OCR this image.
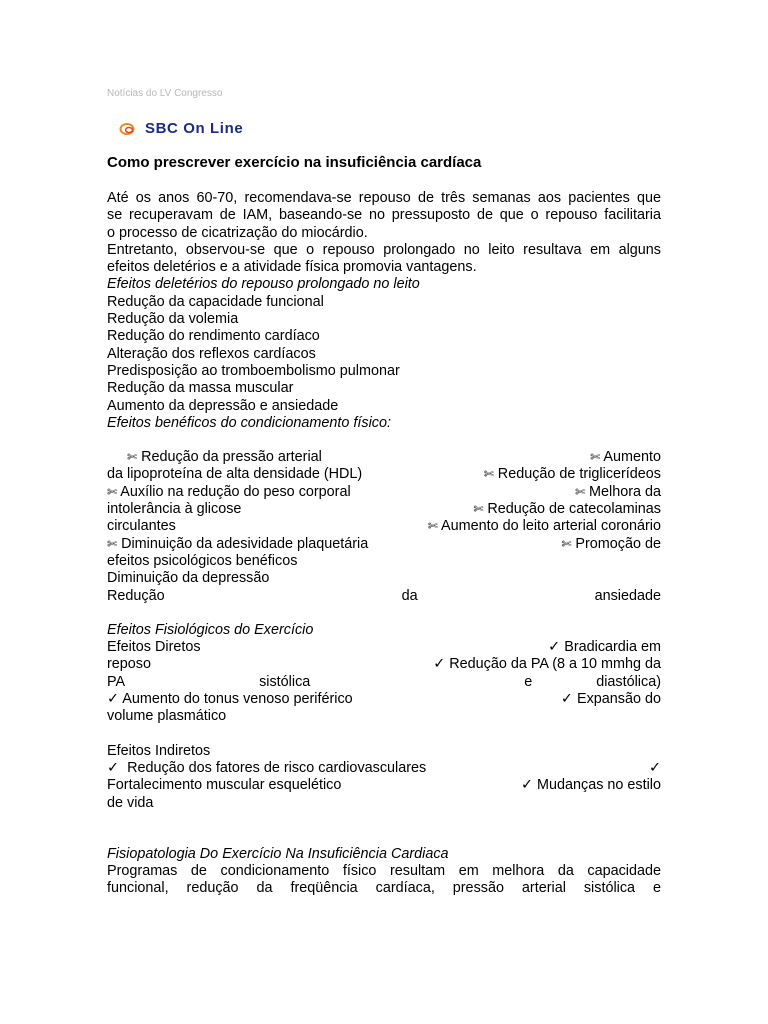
Notícias do LV Congresso
SBC On Line
Como prescrever exercício na insuficiência cardíaca
Até os anos 60-70, recomendava-se repouso de três semanas aos pacientes que
se recuperavam de IAM, baseando-se no pressuposto de que o repouso facilitaria
o processo de cicatrização do miocárdio.
Entretanto, observou-se que o repouso prolongado no leito resultava em alguns
efeitos deletérios e a atividade física promovia vantagens.
Efeitos deletérios do repouso prolongado no leito
Redução da capacidade funcional
Redução da volemia
Redução do rendimento cardíaco
Alteração dos reflexos cardíacos
Predisposição ao tromboembolismo pulmonar
Redução da massa muscular
Aumento da depressão e ansiedade
Efeitos benéficos do condicionamento físico:
✄ Redução da pressão arterial	✄ Aumento
da lipoproteína de alta densidade (HDL)	✄ Redução de triglicerídeos
✄ Auxílio na redução do peso corporal	✄ Melhora da
intolerância à glicose	✄ Redução de catecolaminas
circulantes	✄ Aumento do leito arterial coronário
✄ Diminuição da adesividade plaquetária	✄ Promoção de
efeitos psicológicos benéficos
Diminuição da depressão
Redução	da	ansiedade
Efeitos Fisiológicos do Exercício
Efeitos Diretos	✓ Bradicardia em
reposo	✓ Redução da PA (8 a 10 mmhg da
PA	sistólica	e	diastólica)
✓ Aumento do tonus venoso periférico	✓ Expansão do
volume plasmático
Efeitos Indiretos
✓ Redução dos fatores de risco cardiovasculares	✓
Fortalecimento muscular esquelético	✓ Mudanças no estilo
de vida
Fisiopatologia Do Exercício Na Insuficiência Cardiaca
Programas de condicionamento físico resultam em melhora da capacidade
funcional, redução da freqüência cardíaca, pressão arterial sistólica e
